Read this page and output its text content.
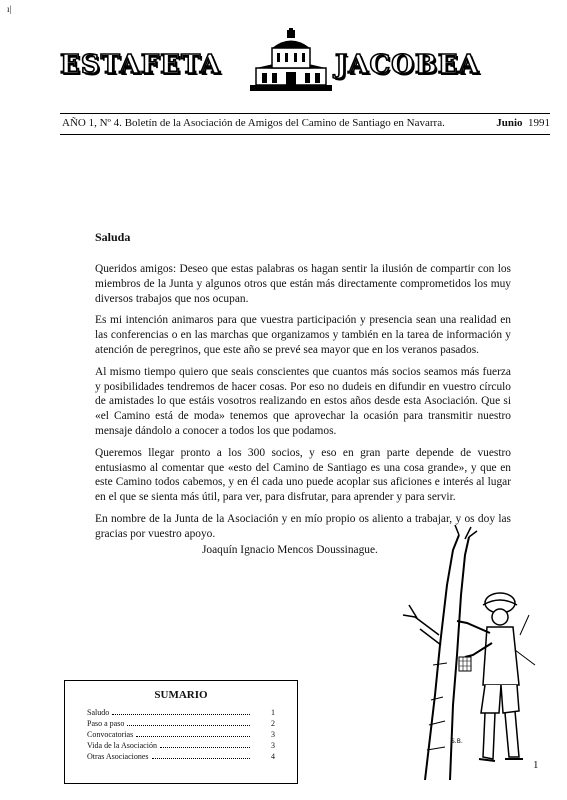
ı|
ESTAFETA	JACOBEA
AÑO 1, Nº 4.
Boletín de la Asociación de Amigos del Camino de Santiago en Navarra.	Junio 1991
Saluda

Queridos amigos: Deseo que estas palabras os hagan sentir la ilusión de compartir con los miembros de la Junta y algunos otros que están más directamente comprometidos los muy diversos trabajos que nos ocupan.

Es mi intención animaros para que vuestra participación y presencia sean una realidad en las conferencias o en las marchas que organizamos y también en la tarea de información y atención de peregrinos, que este año se prevé sea mayor que en los veranos pasados.

Al mismo tiempo quiero que seais conscientes que cuantos más socios seamos más fuerza y posibilidades tendremos de hacer cosas. Por eso no dudeis en difundir en vuestro círculo de amistades lo que estáis vosotros realizando en estos años desde esta Asociación. Que si «el Camino está de moda» tenemos que aprovechar la ocasión para transmitir nuestro mensaje dándolo a conocer a todos los que podamos.

Queremos llegar pronto a los 300 socios, y eso en gran parte depende de vuestro entusiasmo al comentar que «esto del Camino de Santiago es una cosa grande», y que en este Camino todos cabemos, y en él cada uno puede acoplar sus aficiones e interés al lugar en el que se sienta más útil, para ver, para disfrutar, para aprender y para servir.

En nombre de la Junta de la Asociación y en mío propio os aliento a trabajar, y os doy las gracias por vuestro apoyo.

Joaquín Ignacio Mencos Doussinague.
S.B.
SUMARIO
Saludo	1
Paso a paso	2
Convocatorias	3
Vida de la Asociación	3
Otras Asociaciones	4
1
